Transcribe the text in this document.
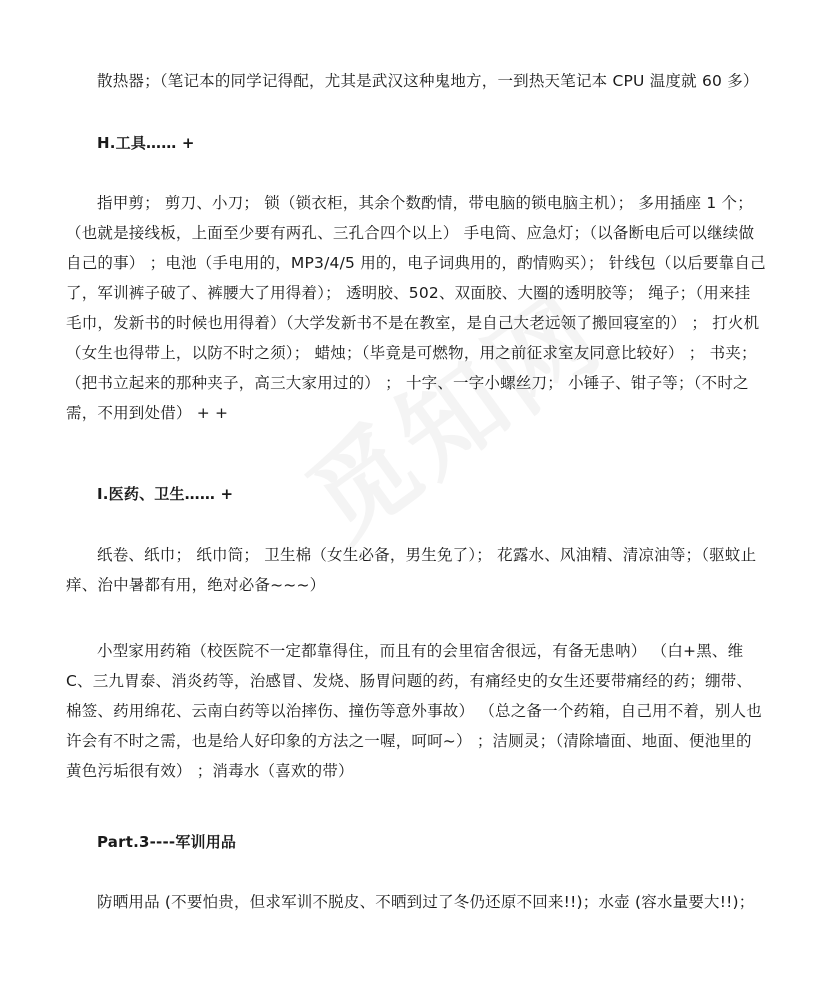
散热器；（笔记本的同学记得配，尤其是武汉这种鬼地方，一到热天笔记本 CPU 温度就 60 多）

H.工具…… +

指甲剪； 剪刀、小刀； 锁（锁衣柜，其余个数酌情，带电脑的锁电脑主机）； 多用插座 1 个；（也就是接线板，上面至少要有两孔、三孔合四个以上） 手电筒、应急灯；（以备断电后可以继续做自己的事） ；电池（手电用的，MP3/4/5 用的，电子词典用的，酌情购买）； 针线包（以后要靠自己了，军训裤子破了、裤腰大了用得着）； 透明胶、502、双面胶、大圈的透明胶等； 绳子；（用来挂毛巾，发新书的时候也用得着）（大学发新书不是在教室，是自己大老远领了搬回寝室的） ； 打火机（女生也得带上，以防不时之须）； 蜡烛；（毕竟是可燃物，用之前征求室友同意比较好） ； 书夹；（把书立起来的那种夹子，高三大家用过的） ； 十字、一字小螺丝刀； 小锤子、钳子等；（不时之需，不用到处借） + +

I.医药、卫生…… +

纸卷、纸巾； 纸巾筒； 卫生棉（女生必备，男生免了）； 花露水、风油精、清凉油等；（驱蚊止痒、治中暑都有用，绝对必备~~~）

小型家用药箱（校医院不一定都靠得住，而且有的会里宿舍很远，有备无患呐） （白+黑、维 C、三九胃泰、消炎药等，治感冒、发烧、肠胃问题的药，有痛经史的女生还要带痛经的药；绷带、棉签、药用绵花、云南白药等以治摔伤、撞伤等意外事故） （总之备一个药箱，自己用不着，别人也许会有不时之需，也是给人好印象的方法之一喔，呵呵~） ；洁厕灵；（清除墙面、地面、便池里的黄色污垢很有效） ；消毒水（喜欢的带）

Part.3----军训用品

防晒用品 (不要怕贵，但求军训不脱皮、不晒到过了冬仍还原不回来!!)；水壶 (容水量要大!!)；
